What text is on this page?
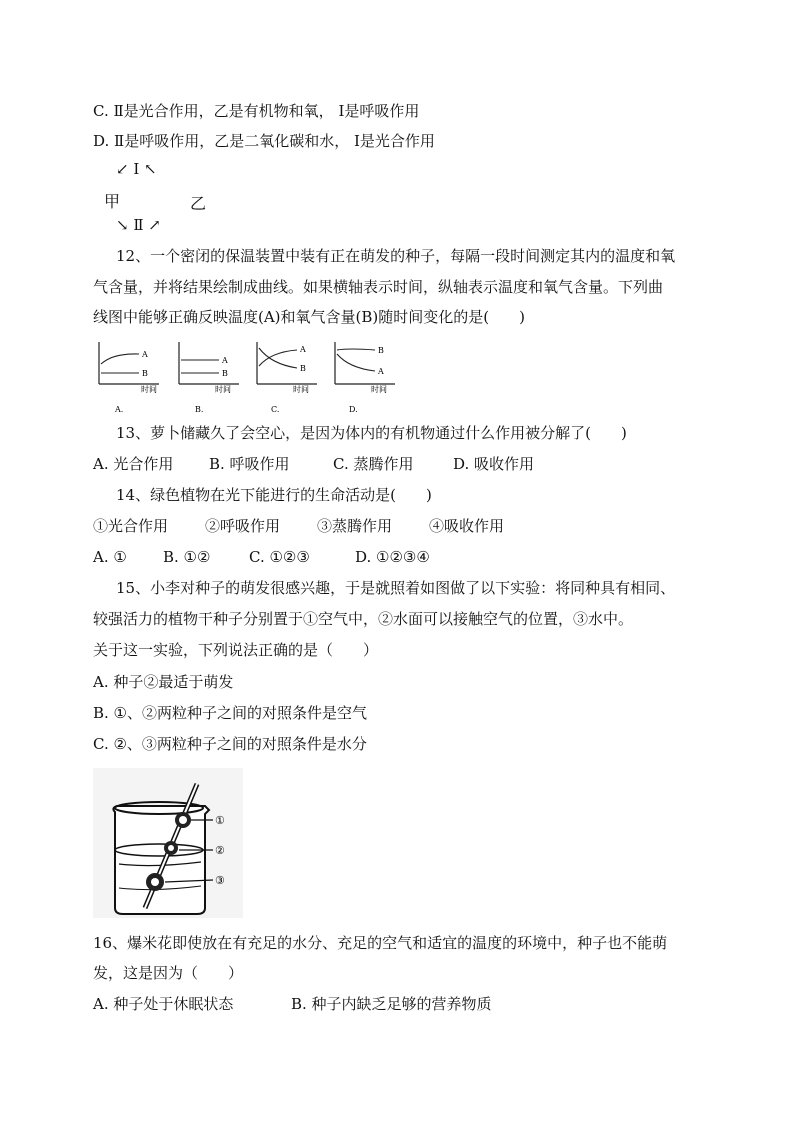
C. Ⅱ是光合作用，乙是有机物和氧， Ⅰ是呼吸作用
D. Ⅱ是呼吸作用，乙是二氧化碳和水， Ⅰ是光合作用
↙ Ⅰ ↖
甲	乙
↘ Ⅱ ↗
12、一个密闭的保温装置中装有正在萌发的种子，每隔一段时间测定其内的温度和氧
气含量，并将结果绘制成曲线。如果横轴表示时间，纵轴表示温度和氧气含量。下列曲
线图中能够正确反映温度(A)和氧气含量(B)随时间变化的是(　　)
A
B
时间
A.
A
B
时间
B.
A
B
时间
C.
B
A
时间
D.
13、萝卜储藏久了会空心，是因为体内的有机物通过什么作用被分解了(　　)
A. 光合作用 B. 呼吸作用	C. 蒸腾作用	D. 吸收作用
14、绿色植物在光下能进行的生命活动是(　　)
①光合作用 ②呼吸作用 ③蒸腾作用 ④吸收作用
A. ① B. ①②	C. ①②③	D. ①②③④
15、小李对种子的萌发很感兴趣，于是就照着如图做了以下实验：将同种具有相同、
较强活力的植物干种子分别置于①空气中，②水面可以接触空气的位置，③水中。
关于这一实验，下列说法正确的是（　　）
A. 种子②最适于萌发
B. ①、②两粒种子之间的对照条件是空气
C. ②、③两粒种子之间的对照条件是水分
①
②
③
16、爆米花即使放在有充足的水分、充足的空气和适宜的温度的环境中，种子也不能萌
发，这是因为（　　）
A. 种子处于休眠状态	B. 种子内缺乏足够的营养物质
